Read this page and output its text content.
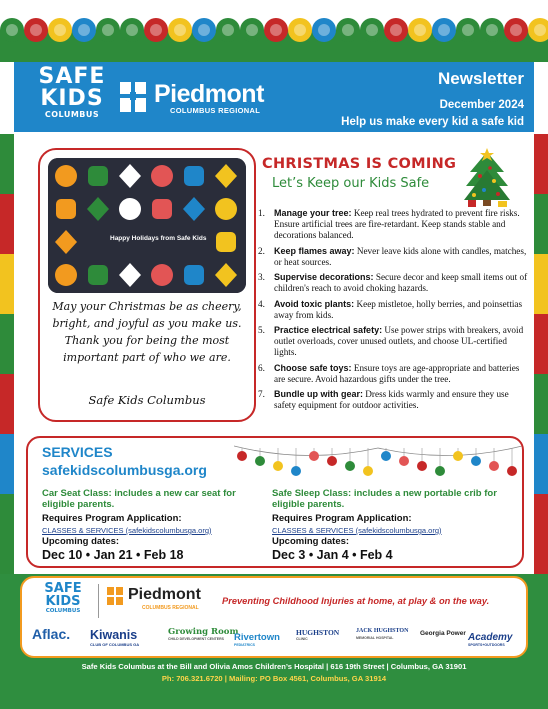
SAFE
KIDS
COLUMBUS
Piedmont
COLUMBUS REGIONAL
Newsletter
December 2024
Help us make every kid a safe kid
Happy Holidays from Safe Kids
May your Christmas be as cheery,
bright, and joyful as you make us.
Thank you for being the most
important part of who we are.
Safe Kids Columbus
CHRISTMAS IS COMING
Let’s Keep our Kids Safe
1. Manage your tree: Keep real trees hydrated to prevent fire risks. Ensure artificial trees are fire-retardant. Keep stands stable and decorations balanced.
2. Keep flames away: Never leave kids alone with candles, matches, or heat sources.
3. Supervise decorations: Secure decor and keep small items out of children's reach to avoid choking hazards.
4. Avoid toxic plants: Keep mistletoe, holly berries, and poinsettias away from kids.
5. Practice electrical safety: Use power strips with breakers, avoid outlet overloads, cover unused outlets, and choose UL-certified lights.
6. Choose safe toys: Ensure toys are age-appropriate and batteries are secure. Avoid hazardous gifts under the tree.
7. Bundle up with gear: Dress kids warmly and ensure they use safety equipment for outdoor activities.
SERVICES
safekidscolumbusga.org
Car Seat Class: includes a new car seat for eligible parents.
Requires Program Application:
CLASSES & SERVICES (safekidscolumbusga.org)
Upcoming dates:
Dec 10 • Jan 21 • Feb 18
Safe Sleep Class: includes a new portable crib for eligible parents.
Requires Program Application:
CLASSES & SERVICES (safekidscolumbusga.org)
Upcoming dates:
Dec 3 • Jan 4 • Feb 4
SAFE
KIDS
COLUMBUS
Piedmont
COLUMBUS REGIONAL
Preventing Childhood Injuries at home, at play & on the way.
Aflac. Kiwanis
CLUB OF COLUMBUS GA
Growing Room
CHILD DEVELOPMENT CENTERS	Rivertown
PEDIATRICS
HUGHSTON
CLINIC
JACK HUGHSTON
MEMORIAL HOSPITAL
Georgia Power Academy
SPORTS+OUTDOORS
Safe Kids Columbus at the Bill and Olivia Amos Children’s Hospital | 616 19th Street | Columbus, GA 31901
Ph: 706.321.6720 | Mailing: PO Box 4561, Columbus, GA 31914
